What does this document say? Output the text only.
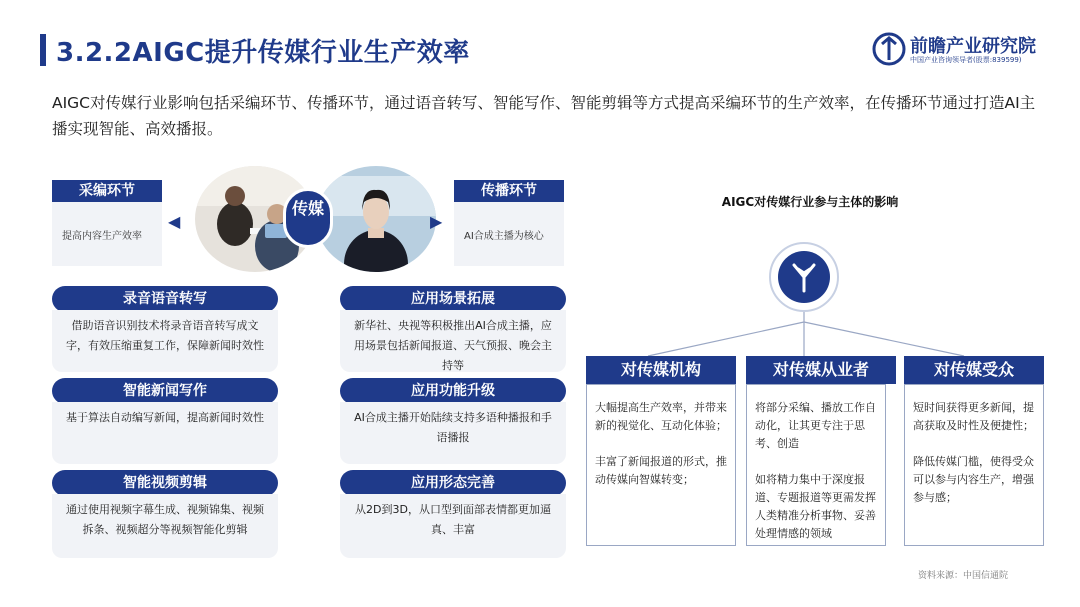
3.2.2AIGC提升传媒行业生产效率	前瞻产业研究院
中国产业咨询领导者(股票:839599)
AIGC对传媒行业影响包括采编环节、传播环节，通过语音转写、智能写作、智能剪辑等方式提高采编环节的生产效率，在传播环节通过打造AI主播实现智能、高效播报。
采编环节
提高内容生产效率
◀
传媒
▶
传播环节
AI合成主播为核心
录音语音转写
借助语音识别技术将录音语音转写成文字，有效压缩重复工作，保障新闻时效性
智能新闻写作
基于算法自动编写新闻，提高新闻时效性
智能视频剪辑
通过使用视频字幕生成、视频锦集、视频拆条、视频超分等视频智能化剪辑
应用场景拓展
新华社、央视等积极推出AI合成主播，应用场景包括新闻报道、天气预报、晚会主持等
应用功能升级
AI合成主播开始陆续支持多语种播报和手语播报
应用形态完善
从2D到3D，从口型到面部表情都更加逼真、丰富
AIGC对传媒行业参与主体的影响
对传媒机构

大幅提高生产效率，并带来新的视觉化、互动化体验；

丰富了新闻报道的形式，推动传媒向智媒转变；

对传媒从业者

将部分采编、播放工作自动化，让其更专注于思考、创造

如将精力集中于深度报道、专题报道等更需发挥人类精准分析事物、妥善处理情感的领域

对传媒受众

短时间获得更多新闻，提高获取及时性及便捷性；

降低传媒门槛，使得受众可以参与内容生产，增强参与感；

资料来源：中国信通院
